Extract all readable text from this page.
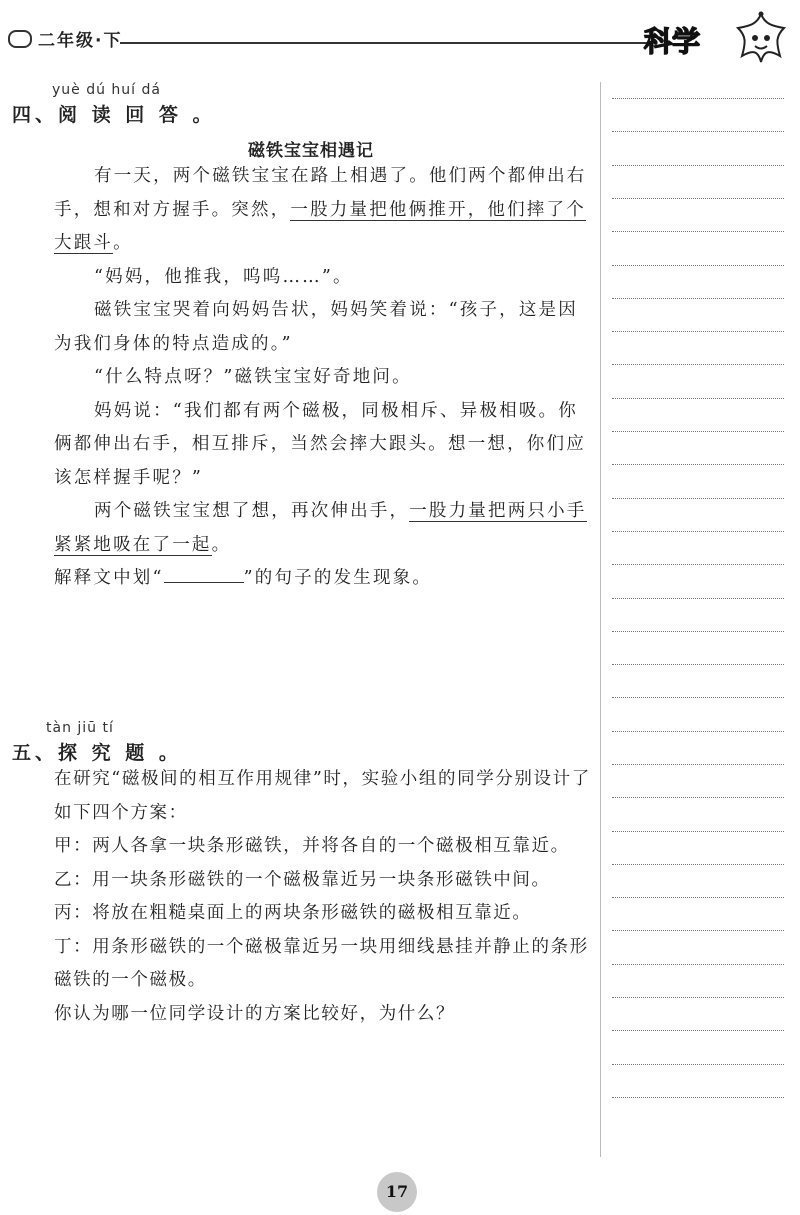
二年级·下	科学
yuè dú huí dá
四、阅 读 回 答 。
磁铁宝宝相遇记

有一天，两个磁铁宝宝在路上相遇了。他们两个都伸出右手，想和对方握手。突然，一股力量把他俩推开，他们摔了个大跟斗。

“妈妈，他推我，呜呜……”。

磁铁宝宝哭着向妈妈告状，妈妈笑着说：“孩子，这是因为我们身体的特点造成的。”

“什么特点呀？”磁铁宝宝好奇地问。

妈妈说：“我们都有两个磁极，同极相斥、异极相吸。你俩都伸出右手，相互排斥，当然会摔大跟头。想一想，你们应该怎样握手呢？”

两个磁铁宝宝想了想，再次伸出手，一股力量把两只小手紧紧地吸在了一起。

解释文中划“	”的句子的发生现象。

tàn jiū tí
五、探 究 题 。

在研究“磁极间的相互作用规律”时，实验小组的同学分别设计了如下四个方案：

甲：两人各拿一块条形磁铁，并将各自的一个磁极相互靠近。

乙：用一块条形磁铁的一个磁极靠近另一块条形磁铁中间。

丙：将放在粗糙桌面上的两块条形磁铁的磁极相互靠近。

丁：用条形磁铁的一个磁极靠近另一块用细线悬挂并静止的条形磁铁的一个磁极。

你认为哪一位同学设计的方案比较好，为什么？

17
